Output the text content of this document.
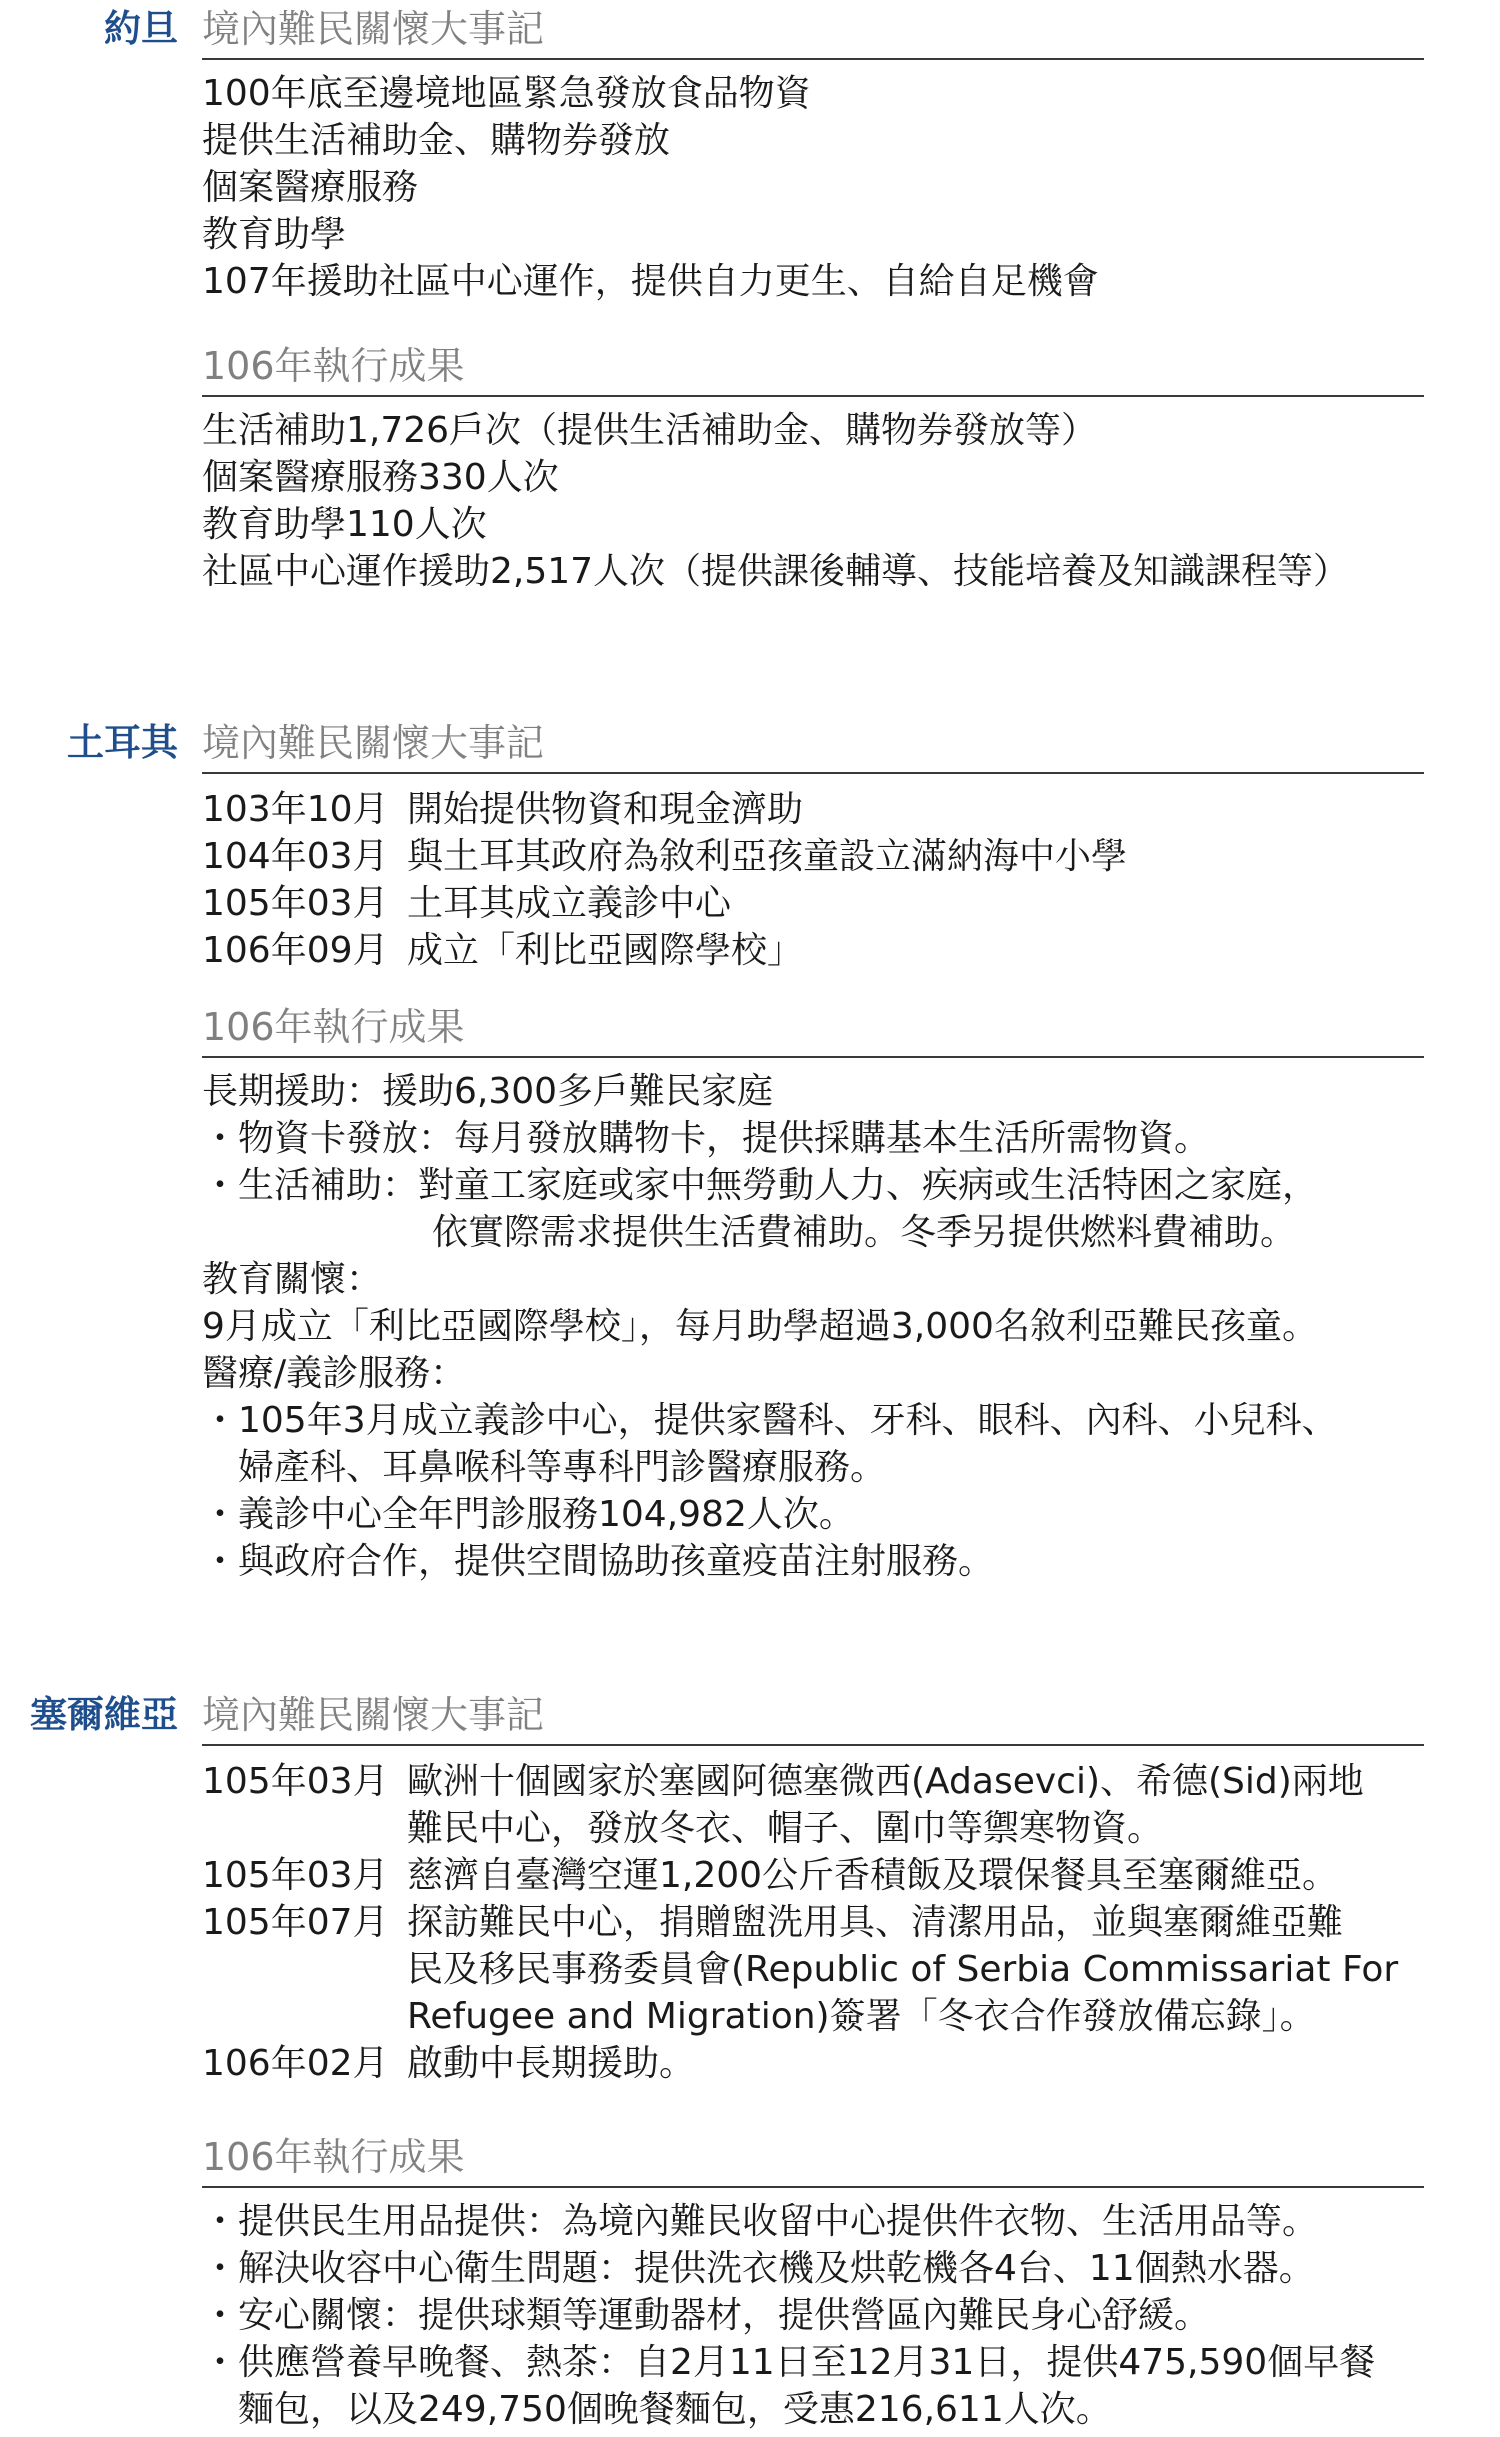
約旦 境內難民關懷大事記
100年底至邊境地區緊急發放食品物資
提供生活補助金、購物券發放
個案醫療服務
教育助學
107年援助社區中心運作，提供自力更生、自給自足機會
106年執行成果
生活補助1,726戶次（提供生活補助金、購物券發放等）
個案醫療服務330人次
教育助學110人次
社區中心運作援助2,517人次（提供課後輔導、技能培養及知識課程等）
土耳其 境內難民關懷大事記
103年10月 開始提供物資和現金濟助
104年03月 與土耳其政府為敘利亞孩童設立滿納海中小學
105年03月 土耳其成立義診中心
106年09月 成立「利比亞國際學校」
106年執行成果
長期援助：援助6,300多戶難民家庭
・ 物資卡發放：每月發放購物卡，提供採購基本生活所需物資。
・ 生活補助：對童工家庭或家中無勞動人力、疾病或生活特困之家庭，
依實際需求提供生活費補助。冬季另提供燃料費補助。
教育關懷：
9月成立「利比亞國際學校」，每月助學超過3,000名敘利亞難民孩童。
醫療/義診服務：
・ 105年3月成立義診中心，提供家醫科、牙科、眼科、內科、小兒科、
婦產科、耳鼻喉科等專科門診醫療服務。
・ 義診中心全年門診服務104,982人次。
・ 與政府合作，提供空間協助孩童疫苗注射服務。
塞爾維亞 境內難民關懷大事記
105年03月 歐洲十個國家於塞國阿德塞微西(Adasevci)、希德(Sid)兩地
難民中心，發放冬衣、帽子、圍巾等禦寒物資。
105年03月 慈濟自臺灣空運1,200公斤香積飯及環保餐具至塞爾維亞。
105年07月 探訪難民中心，捐贈盥洗用具、清潔用品，並與塞爾維亞難
民及移民事務委員會(Republic of Serbia Commissariat For
Refugee and Migration)簽署「冬衣合作發放備忘錄」。
106年02月 啟動中長期援助。
106年執行成果
・ 提供民生用品提供：為境內難民收留中心提供件衣物、生活用品等。
・ 解決收容中心衛生問題：提供洗衣機及烘乾機各4台、11個熱水器。
・ 安心關懷：提供球類等運動器材，提供營區內難民身心舒緩。
・ 供應營養早晚餐、熱茶：自2月11日至12月31日，提供475,590個早餐
麵包，以及249,750個晚餐麵包，受惠216,611人次。
